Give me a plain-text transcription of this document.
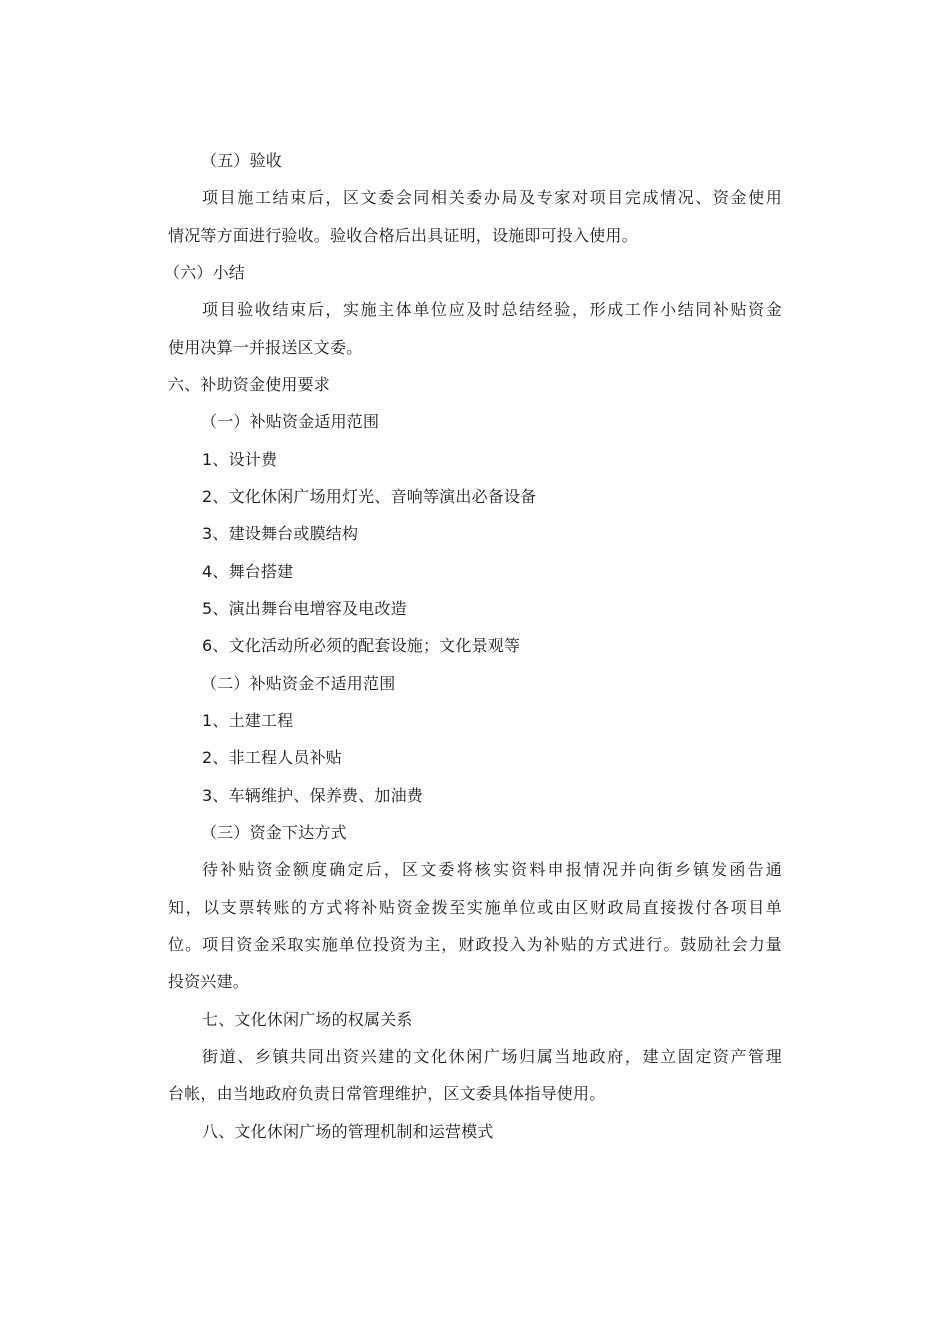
（五）验收
项目施工结束后，区文委会同相关委办局及专家对项目完成情况、资金使用
情况等方面进行验收。验收合格后出具证明，设施即可投入使用。
（六）小结
项目验收结束后，实施主体单位应及时总结经验，形成工作小结同补贴资金
使用决算一并报送区文委。
六、补助资金使用要求
（一）补贴资金适用范围
1、设计费
2、文化休闲广场用灯光、音响等演出必备设备
3、建设舞台或膜结构
4、舞台搭建
5、演出舞台电增容及电改造
6、文化活动所必须的配套设施；文化景观等
（二）补贴资金不适用范围
1、土建工程
2、非工程人员补贴
3、车辆维护、保养费、加油费
（三）资金下达方式
待补贴资金额度确定后，区文委将核实资料申报情况并向街乡镇发函告通
知，以支票转账的方式将补贴资金拨至实施单位或由区财政局直接拨付各项目单
位。项目资金采取实施单位投资为主，财政投入为补贴的方式进行。鼓励社会力量
投资兴建。
七、文化休闲广场的权属关系
街道、乡镇共同出资兴建的文化休闲广场归属当地政府，建立固定资产管理
台帐，由当地政府负责日常管理维护，区文委具体指导使用。
八、文化休闲广场的管理机制和运营模式
